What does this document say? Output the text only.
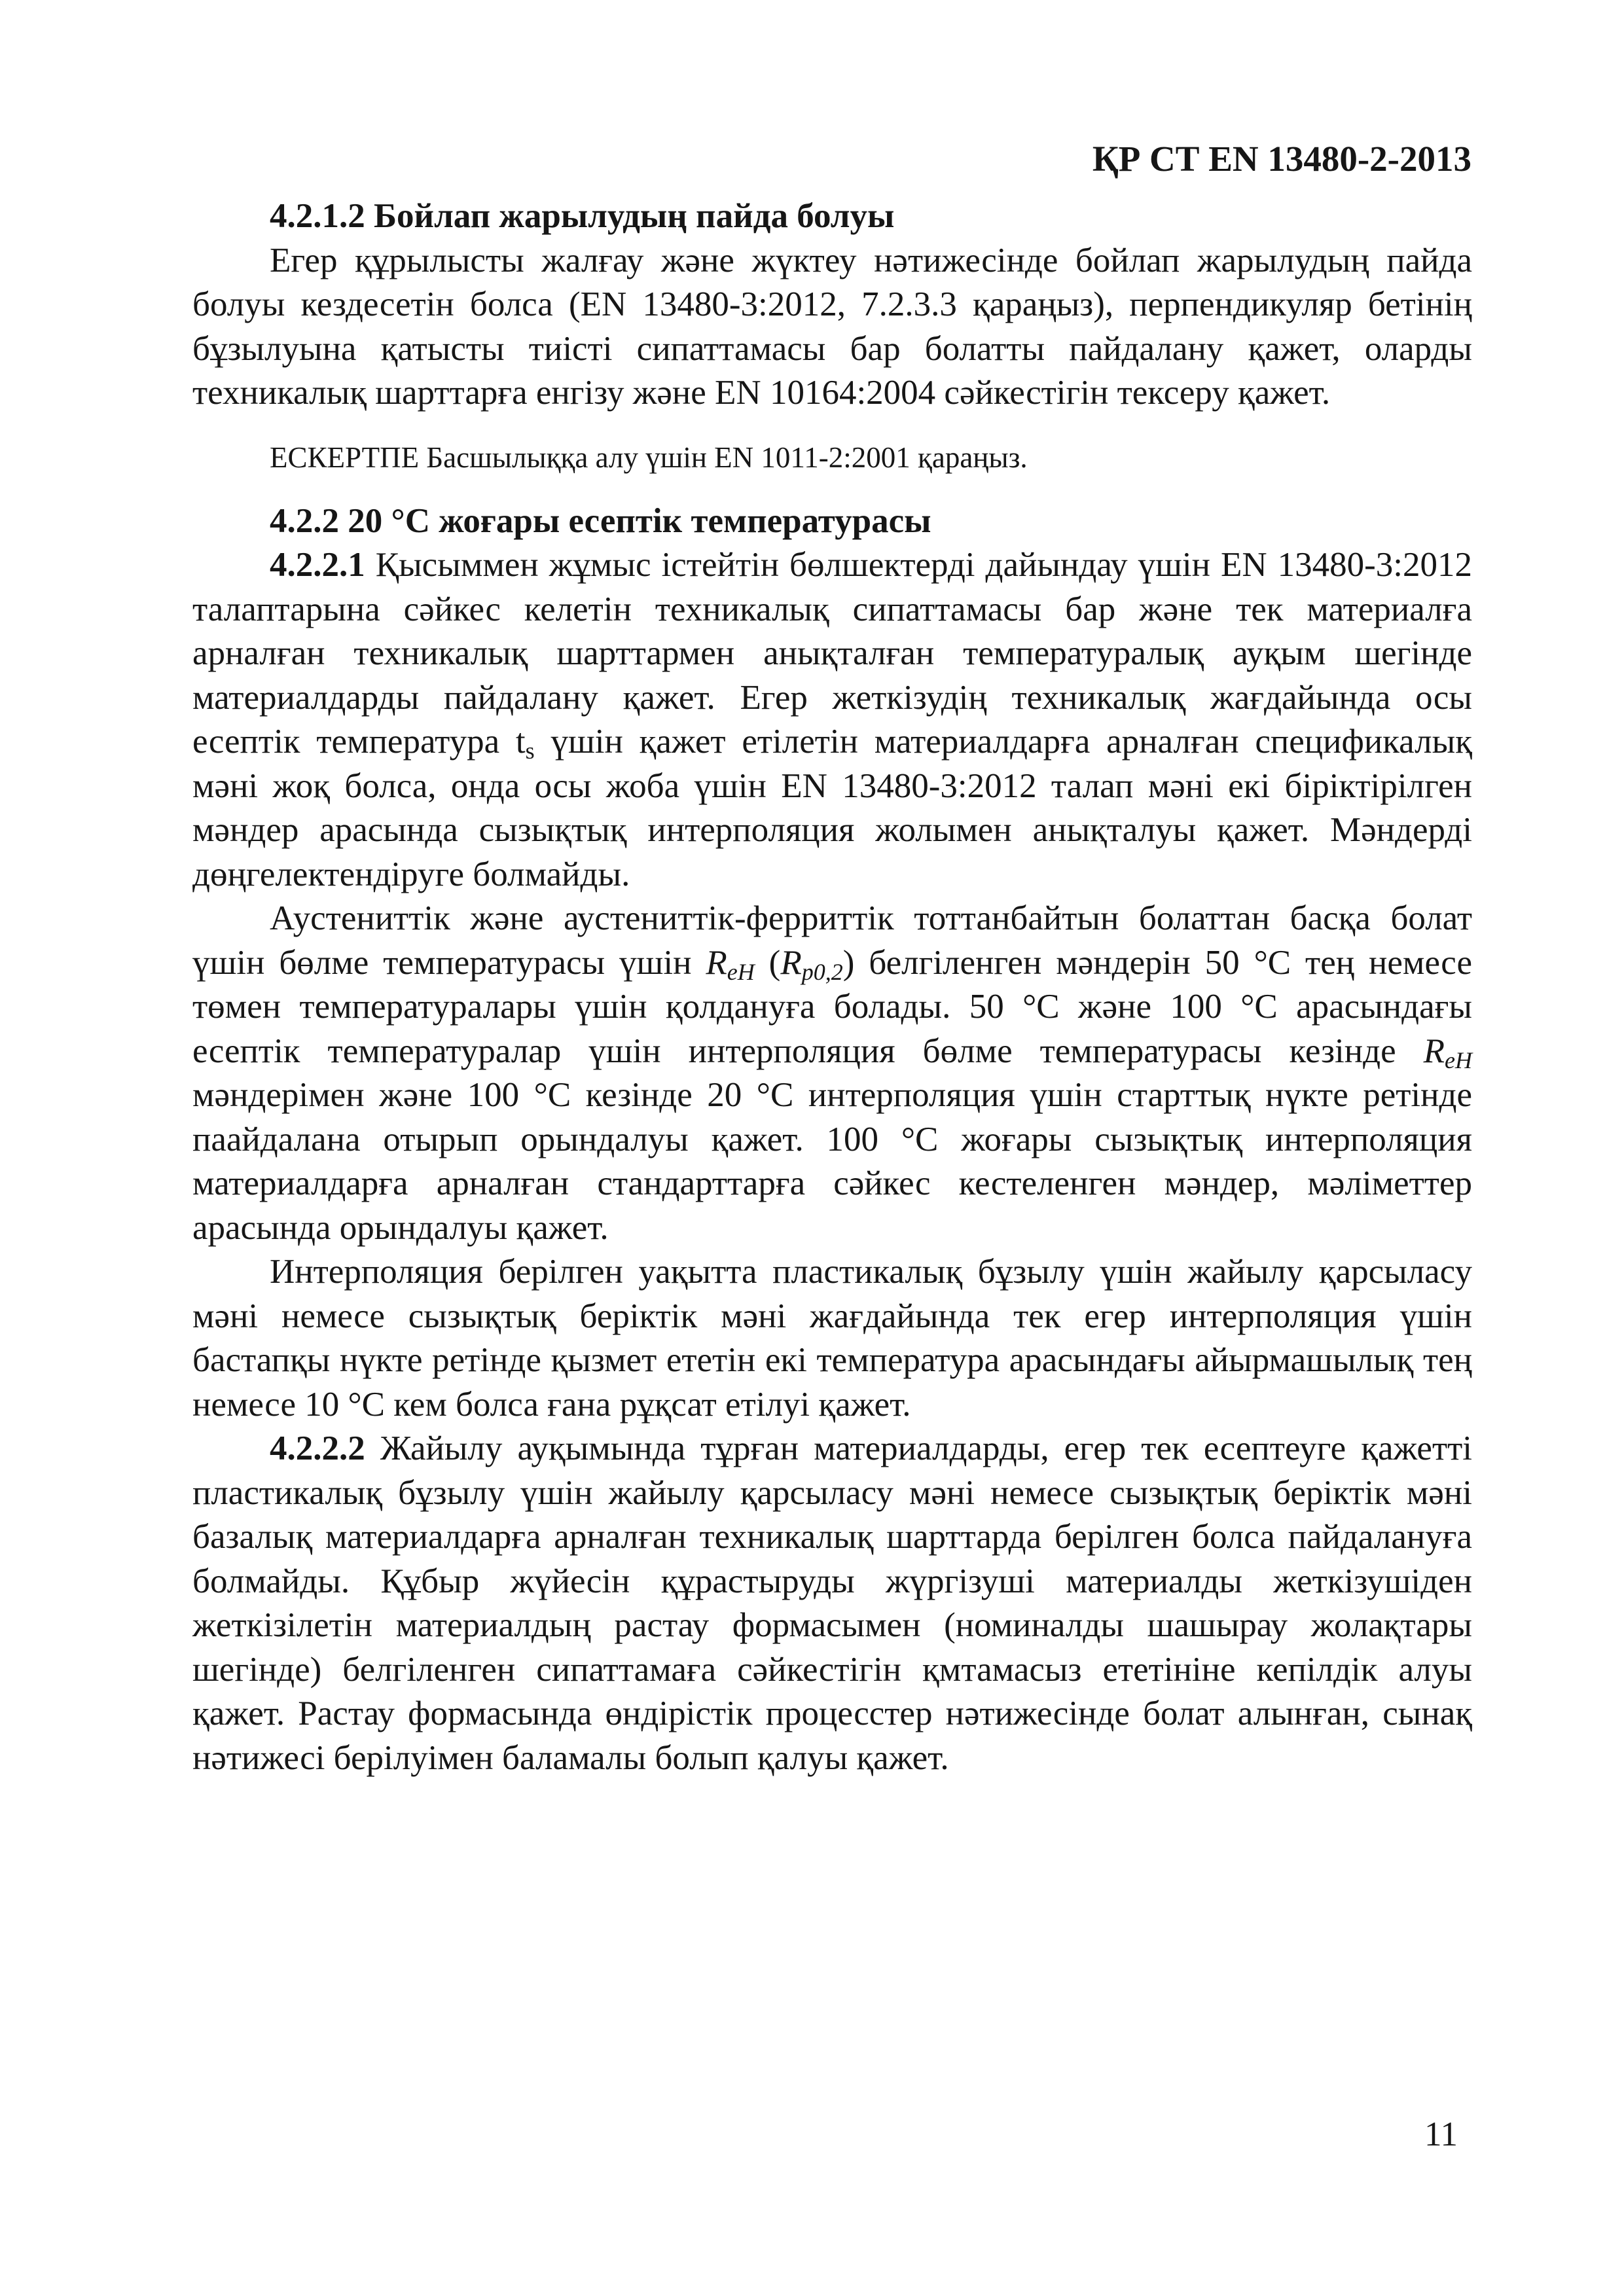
ҚР СТ EN 13480-2-2013

4.2.1.2 Бойлап жарылудың пайда болуы

Егер құрылысты жалғау және жүктеу нәтижесінде бойлап жарылудың пайда болуы кездесетін болса (EN 13480-3:2012, 7.2.3.3 қараңыз), перпендикуляр бетінің бұзылуына қатысты тиісті сипаттамасы бар болатты пайдалану қажет, оларды техникалық шарттарға енгізу және EN 10164:2004 сәйкестігін тексеру қажет.

ЕСКЕРТПЕ Басшылыққа алу үшін EN 1011-2:2001 қараңыз.

4.2.2 20 °С жоғары есептік температурасы

4.2.2.1 Қысыммен жұмыс істейтін бөлшектерді дайындау үшін EN 13480-3:2012 талаптарына сәйкес келетін техникалық сипаттамасы бар және тек материалға арналған техникалық шарттармен анықталған температуралық ауқым шегінде материалдарды пайдалану қажет. Егер жеткізудің техникалық жағдайында осы есептік температура $t_s$ үшін қажет етілетін материалдарға арналған спецификалық мәні жоқ болса, онда осы жоба үшін EN 13480-3:2012 талап мәні екі біріктірілген мәндер арасында сызықтық интерполяция жолымен анықталуы қажет. Мәндерді дөңгелектендіруге болмайды.

Аустениттік және аустениттік-ферриттік тоттанбайтын болаттан басқа болат үшін бөлме температурасы үшін $R_{eH}$ $(R_{p0,2})$ белгіленген мәндерін 50 °С тең немесе төмен температуралары үшін қолдануға болады. 50 °С және 100 °С арасындағы есептік температуралар үшін интерполяция бөлме температурасы кезінде $R_{eH}$ мәндерімен және 100 °С кезінде 20 °С интерполяция үшін старттық нүкте ретінде паайдалана отырып орындалуы қажет. 100 °С жоғары сызықтық интерполяция материалдарға арналған стандарттарға сәйкес кестеленген мәндер, мәліметтер арасында орындалуы қажет.

Интерполяция берілген уақытта пластикалық бұзылу үшін жайылу қарсыласу мәні немесе сызықтық беріктік мәні жағдайында тек егер интерполяция үшін бастапқы нүкте ретінде қызмет ететін екі температура арасындағы айырмашылық тең немесе 10 °С кем болса ғана рұқсат етілуі қажет.

4.2.2.2 Жайылу ауқымында тұрған материалдарды, егер тек есептеуге қажетті пластикалық бұзылу үшін жайылу қарсыласу мәні немесе сызықтық беріктік мәні базалық материалдарға арналған техникалық шарттарда берілген болса пайдалануға болмайды. Құбыр жүйесін құрастыруды жүргізуші материалды жеткізушіден жеткізілетін материалдың растау формасымен (номиналды шашырау жолақтары шегінде) белгіленген сипаттамаға сәйкестігін қмтамасыз ететініне кепілдік алуы қажет. Растау формасында өндірістік процесстер нәтижесінде болат алынған, сынақ нәтижесі берілуімен баламалы болып қалуы қажет.

11
